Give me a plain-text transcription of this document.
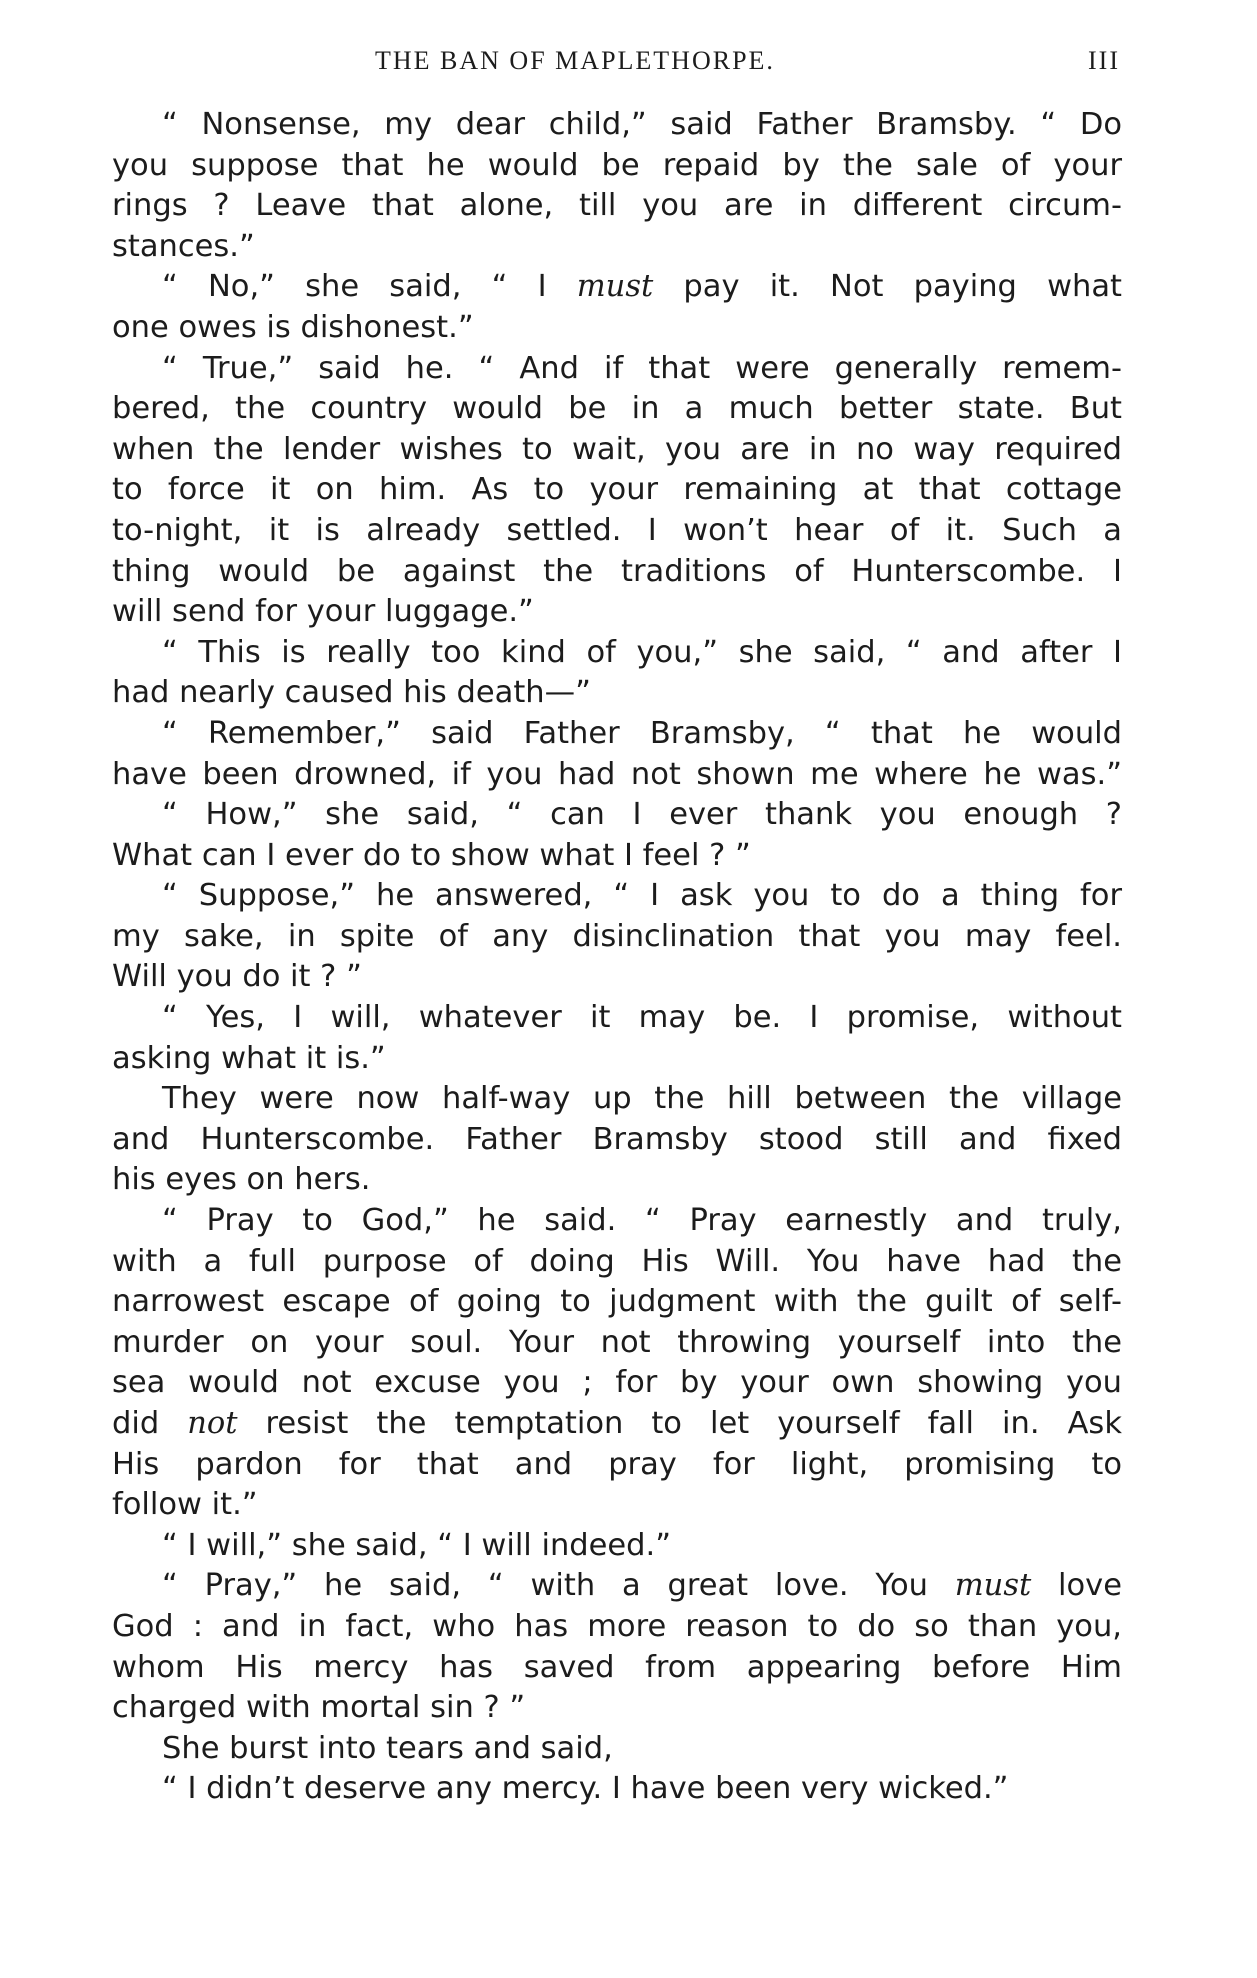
THE BAN OF MAPLETHORPE.	III
“ Nonsense, my dear child,” said Father Bramsby. “ Do
you suppose that he would be repaid by the sale of your
rings ? Leave that alone, till you are in different circum-
stances.”
“ No,” she said, “ I must pay it. Not paying what
one owes is dishonest.”
“ True,” said he. “ And if that were generally remem-
bered, the country would be in a much better state. But
when the lender wishes to wait, you are in no way required
to force it on him. As to your remaining at that cottage
to-night, it is already settled. I won’t hear of it. Such a
thing would be against the traditions of Hunterscombe. I
will send for your luggage.”
“ This is really too kind of you,” she said, “ and after I
had nearly caused his death—”
“ Remember,” said Father Bramsby, “ that he would
have been drowned, if you had not shown me where he was.”
“ How,” she said, “ can I ever thank you enough ?
What can I ever do to show what I feel ? ”
“ Suppose,” he answered, “ I ask you to do a thing for
my sake, in spite of any disinclination that you may feel.
Will you do it ? ”
“ Yes, I will, whatever it may be. I promise, without
asking what it is.”
They were now half-way up the hill between the village
and Hunterscombe. Father Bramsby stood still and fixed
his eyes on hers.
“ Pray to God,” he said. “ Pray earnestly and truly,
with a full purpose of doing His Will. You have had the
narrowest escape of going to judgment with the guilt of self-
murder on your soul. Your not throwing yourself into the
sea would not excuse you ; for by your own showing you
did not resist the temptation to let yourself fall in. Ask
His pardon for that and pray for light, promising to
follow it.”
“ I will,” she said, “ I will indeed.”
“ Pray,” he said, “ with a great love. You must love
God : and in fact, who has more reason to do so than you,
whom His mercy has saved from appearing before Him
charged with mortal sin ? ”
She burst into tears and said,
“ I didn’t deserve any mercy. I have been very wicked.”
